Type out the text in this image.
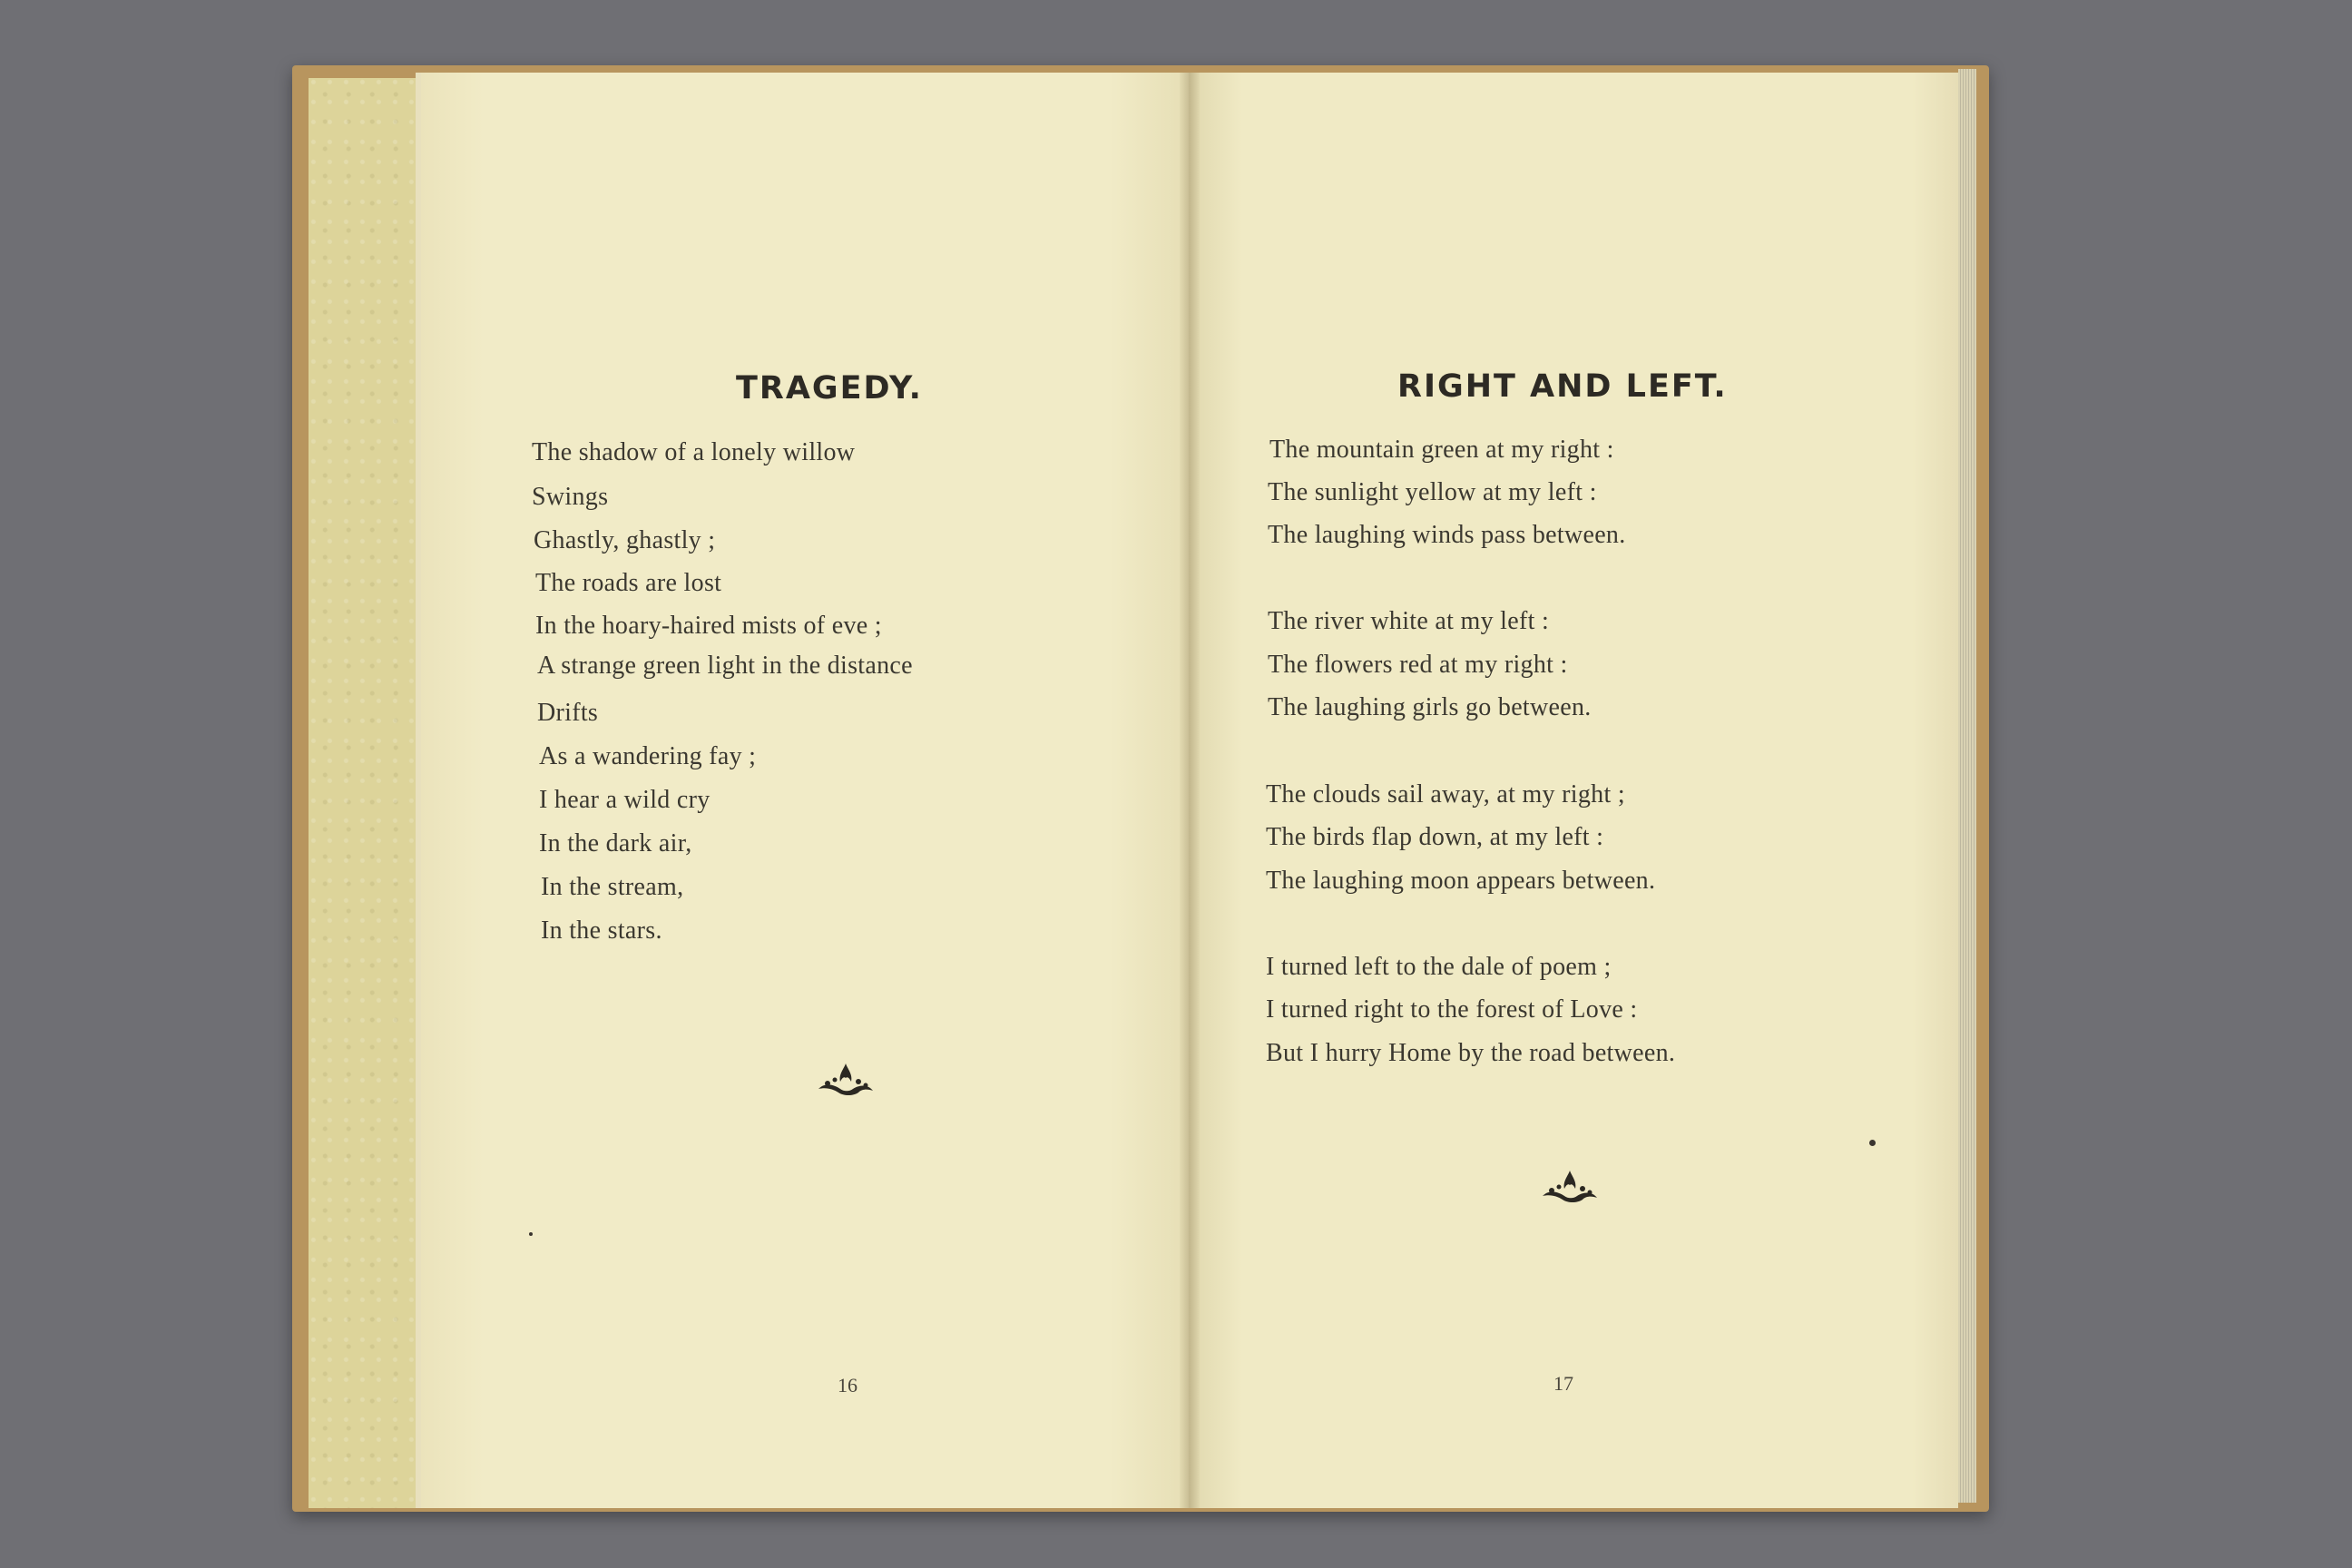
TRAGEDY.
The shadow of a lonely willow
Swings
Ghastly, ghastly ;
The roads are lost
In the hoary-haired mists of eve ;
A strange green light in the distance
Drifts
As a wandering fay ;
I hear a wild cry
In the dark air,
In the stream,
In the stars.
16
RIGHT AND LEFT.
The mountain green at my right :
The sunlight yellow at my left :
The laughing winds pass between.
The river white at my left :
The flowers red at my right :
The laughing girls go between.
The clouds sail away, at my right ;
The birds flap down, at my left :
The laughing moon appears between.
I turned left to the dale of poem ;
I turned right to the forest of Love :
But I hurry Home by the road between.
17
